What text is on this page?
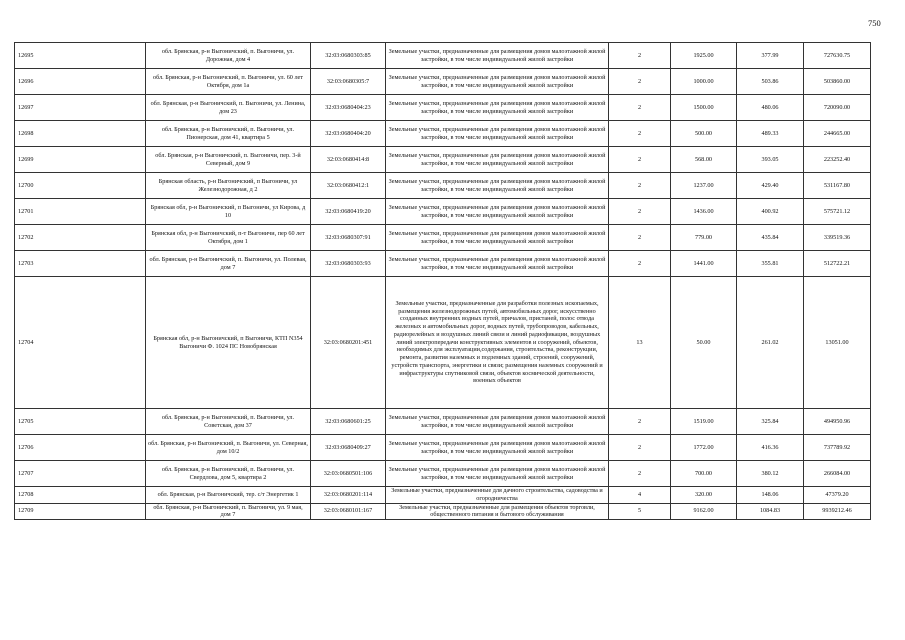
750
12695	обл. Брянская, р-н Выгоничский, п. Выгоничи, ул. Дорожная, дом 4	32:03:0680303:85	Земельные участки, предназначенные для размещения домов малоэтажной жилой застройки, в том числе индивидуальной жилой застройки	2	1925.00	377.99	727630.75
12696	обл. Брянская, р-н Выгоничский, п. Выгоничи, ул. 60 лет Октября, дом 1а	32:03:0680305:7	Земельные участки, предназначенные для размещения домов малоэтажной жилой застройки, в том числе индивидуальной жилой застройки	2	1000.00	503.86	503860.00
12697	обл. Брянская, р-н Выгоничский, п. Выгоничи, ул. Ленина, дом 23	32:03:0680404:23	Земельные участки, предназначенные для размещения домов малоэтажной жилой застройки, в том числе индивидуальной жилой застройки	2	1500.00	480.06	720090.00
12698	обл. Брянская, р-н Выгоничский, п. Выгоничи, ул. Пионерская, дом 41, квартира 5	32:03:0680404:20	Земельные участки, предназначенные для размещения домов малоэтажной жилой застройки, в том числе индивидуальной жилой застройки	2	500.00	489.33	244665.00
12699	обл. Брянская, р-н Выгоничский, п. Выгоничи, пер. 3-й Северный, дом 9	32:03:0680414:8	Земельные участки, предназначенные для размещения домов малоэтажной жилой застройки, в том числе индивидуальной жилой застройки	2	568.00	393.05	223252.40
12700	Брянская область, р-н Выгоничский, п Выгоничи, ул Железнодорожная, д 2	32:03:0680412:1	Земельные участки, предназначенные для размещения домов малоэтажной жилой застройки, в том числе индивидуальной жилой застройки	2	1237.00	429.40	531167.80
12701	Брянская обл, р-н Выгоничский, п Выгоничи, ул Кирова, д 10	32:03:0680419:20	Земельные участки, предназначенные для размещения домов малоэтажной жилой застройки, в том числе индивидуальной жилой застройки	2	1436.00	400.92	575721.12
12702	Брянская обл, р-н Выгоничский, п-т Выгоничи, пер 60 лет Октября, дом 1	32:03:0680307:91	Земельные участки, предназначенные для размещения домов малоэтажной жилой застройки, в том числе индивидуальной жилой застройки	2	779.00	435.84	339519.36
12703	обл. Брянская, р-н Выгоничский, п. Выгоничи, ул. Полевая, дом 7	32:03:0680303:93	Земельные участки, предназначенные для размещения домов малоэтажной жилой застройки, в том числе индивидуальной жилой застройки	2	1441.00	355.81	512722.21
12704	Брянская обл, р-н Выгоничский, п Выгоничи, КТП N354 Выгоничи Ф. 1024 ПС Новобрянская	32:03:0680201:451	Земельные участки, предназначенные для разработки полезных ископаемых, размещения железнодорожных путей, автомобильных дорог, искусственно созданных внутренних водных путей, причалов, пристаней, полос отвода железных и автомобильных дорог, водных путей, трубопроводов, кабельных, радиорелейных и воздушных линий связи и линий радиофикации, воздушных линий электропередачи конструктивных элементов и сооружений, объектов, необходимых для эксплуатации,содержания, строительства, реконструкции, ремонта, развития наземных и подземных зданий, строений, сооружений, устройств транспорта, энергетики и связи; размещения наземных сооружений и инфраструктуры спутниковой связи, объектов космической деятельности, военных объектов	13	50.00	261.02	13051.00
12705	обл. Брянская, р-н Выгоничский, п. Выгоничи, ул. Советская, дом 37	32:03:0680601:25	Земельные участки, предназначенные для размещения домов малоэтажной жилой застройки, в том числе индивидуальной жилой застройки	2	1519.00	325.84	494950.96
12706	обл. Брянская, р-н Выгоничский, п. Выгоничи, ул. Северная, дом 10/2	32:03:0680409:27	Земельные участки, предназначенные для размещения домов малоэтажной жилой застройки, в том числе индивидуальной жилой застройки	2	1772.00	416.36	737789.92
12707	обл. Брянская, р-н Выгоничский, п. Выгоничи, ул. Свердлова, дом 5, квартира 2	32:03:0680501:106	Земельные участки, предназначенные для размещения домов малоэтажной жилой застройки, в том числе индивидуальной жилой застройки	2	700.00	380.12	266084.00
12708	обл. Брянская, р-н Выгоничский, тер. с/т Энергетик 1	32:03:0680201:114	Земельные участки, предназначенные для дачного строительства, садоводства и огородничества	4	320.00	148.06	47379.20
12709	обл. Брянская, р-н Выгоничский, п. Выгоничи, ул. 9 мая, дом 7	32:03:0680101:167	Земельные участки, предназначенные для размещения объектов торговли, общественного питания и бытового обслуживания	5	9162.00	1084.83	9939212.46
